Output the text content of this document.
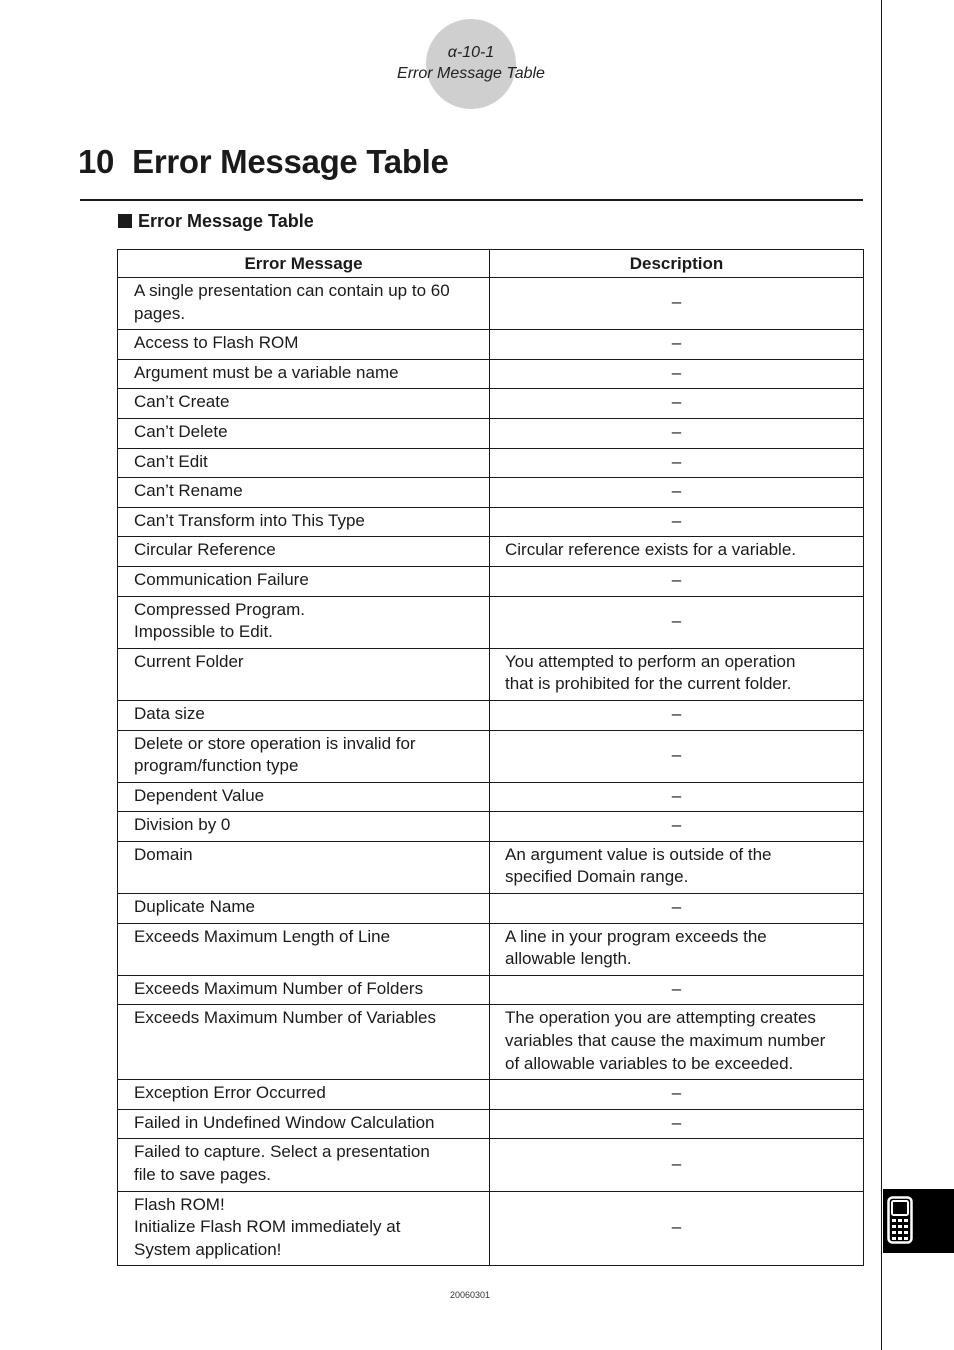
α-10-1
Error Message Table
10 Error Message Table
Error Message Table
Error Message	Description

A single presentation can contain up to 60
pages.	–

Access to Flash ROM	–

Argument must be a variable name	–

Can’t Create	–

Can’t Delete	–

Can’t Edit	–

Can’t Rename	–

Can’t Transform into This Type	–

Circular Reference	Circular reference exists for a variable.

Communication Failure	–

Compressed Program.
Impossible to Edit.	–

Current Folder	You attempted to perform an operation
that is prohibited for the current folder.

Data size	–

Delete or store operation is invalid for
program/function type	–

Dependent Value	–

Division by 0	–

Domain	An argument value is outside of the
specified Domain range.

Duplicate Name	–

Exceeds Maximum Length of Line	A line in your program exceeds the
allowable length.

Exceeds Maximum Number of Folders	–

Exceeds Maximum Number of Variables	The operation you are attempting creates
variables that cause the maximum number
of allowable variables to be exceeded.

Exception Error Occurred	–

Failed in Undefined Window Calculation	–

Failed to capture. Select a presentation
file to save pages.	–

Flash ROM!
Initialize Flash ROM immediately at
System application!	–
20060301
